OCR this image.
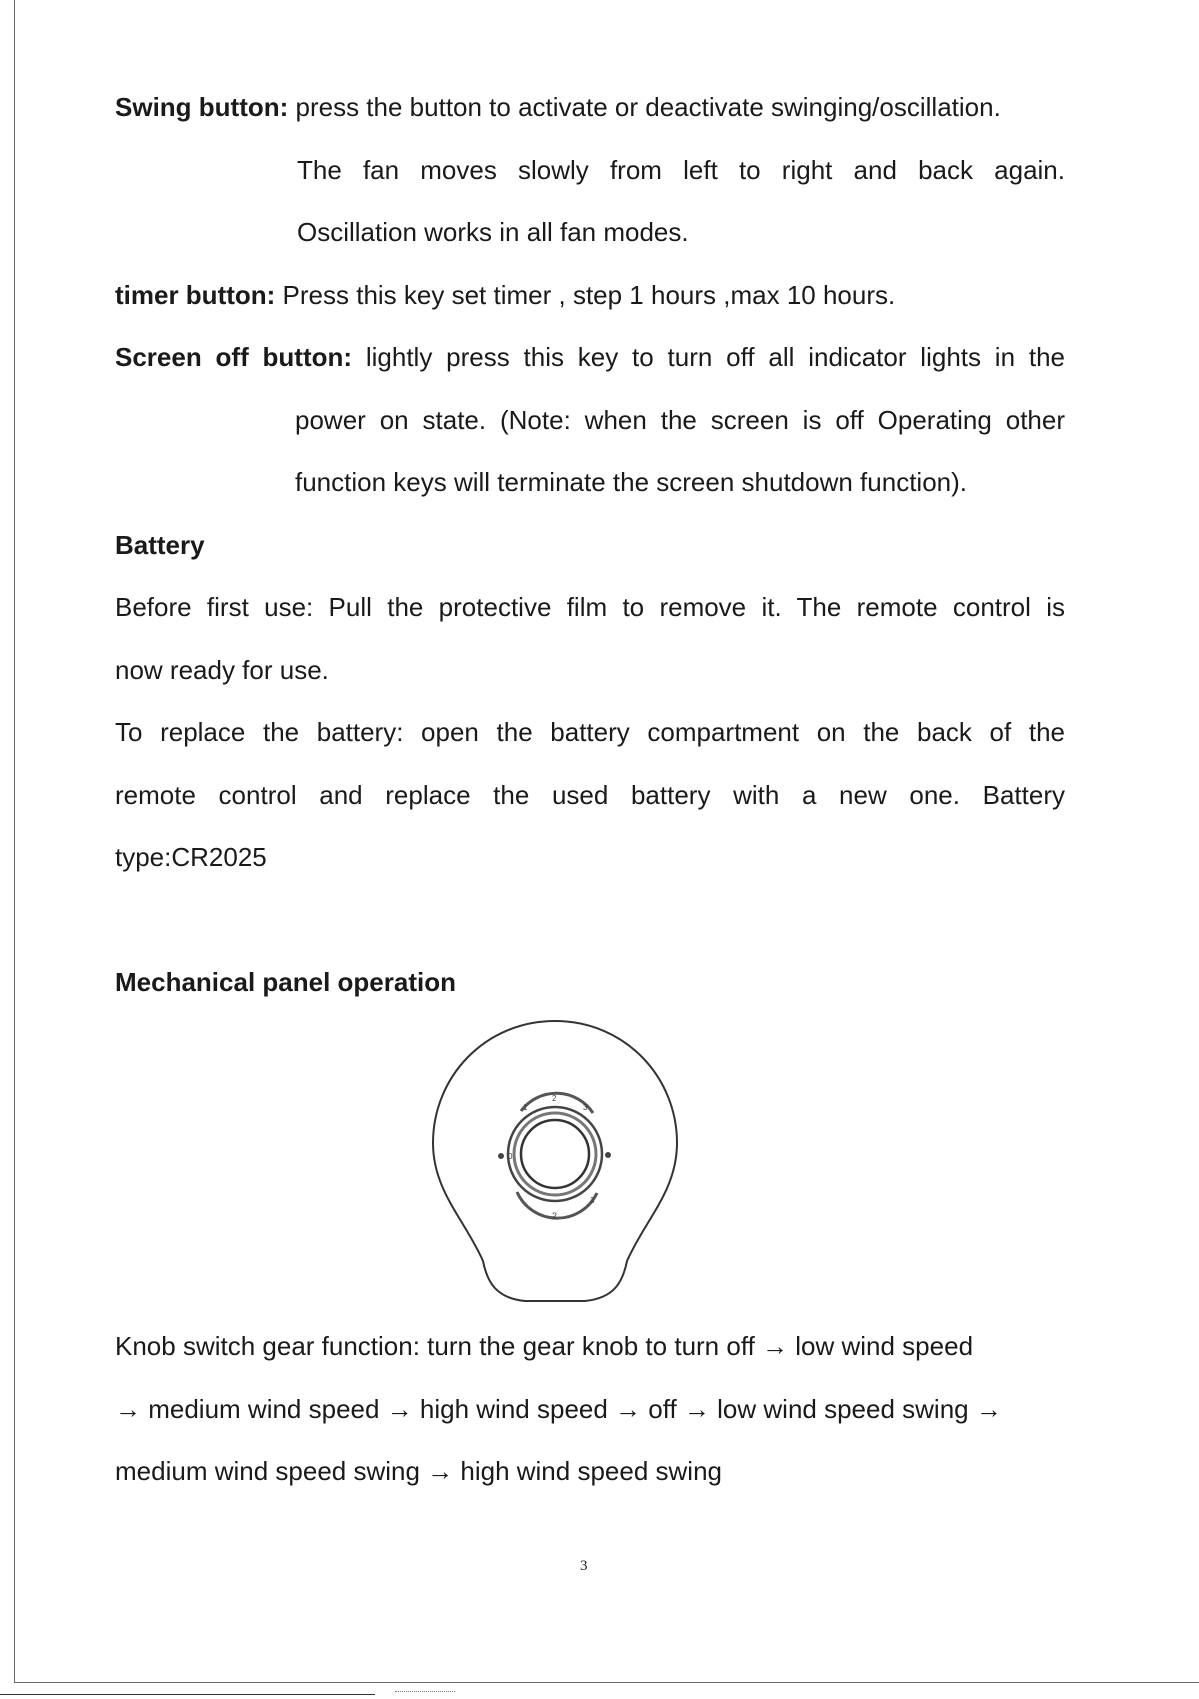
Swing button: press the button to activate or deactivate swinging/oscillation.
The fan moves slowly from left to right and back again.
Oscillation works in all fan modes.
timer button: Press this key set timer , step 1 hours ,max 10 hours.
Screen off button: lightly press this key to turn off all indicator lights in the
power on state. (Note: when the screen is off Operating other
function keys will terminate the screen shutdown function).
Battery
Before first use: Pull the protective film to remove it. The remote control is
now ready for use.
To replace the battery: open the battery compartment on the back of the
remote control and replace the used battery with a new one. Battery
type:CR2025
Mechanical panel operation
1
2
3
0
2
3
Knob switch gear function: turn the gear knob to turn off → low wind speed
→ medium wind speed → high wind speed → off → low wind speed swing →
medium wind speed swing → high wind speed swing
3
